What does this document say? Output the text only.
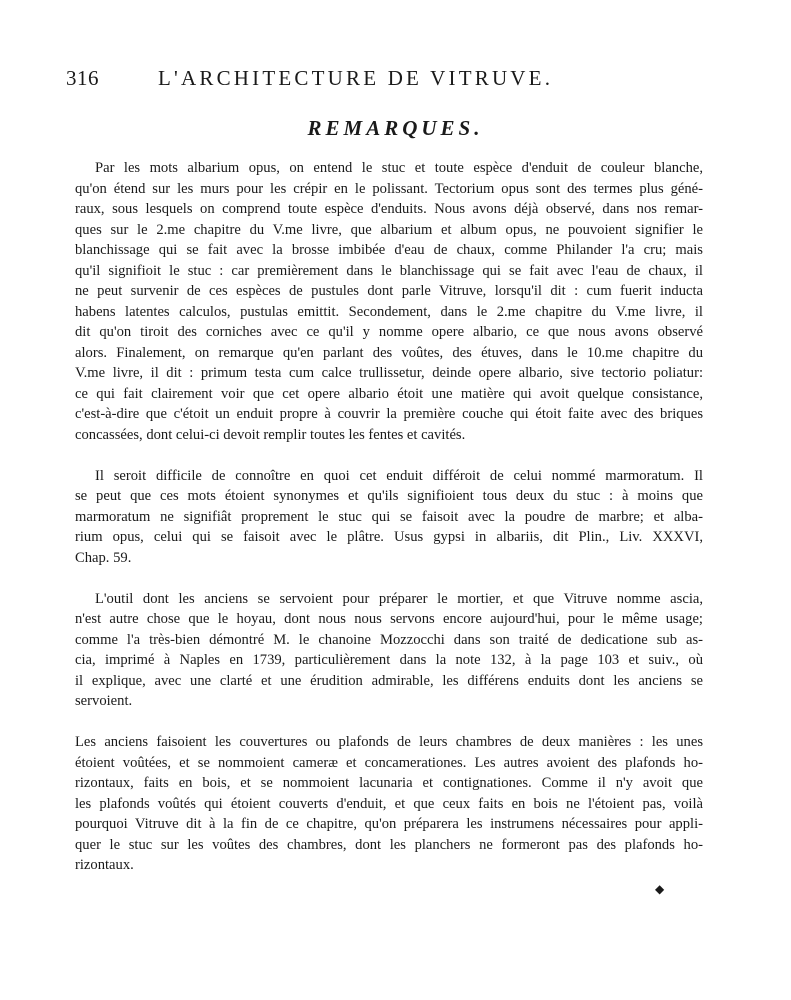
316	L'ARCHITECTURE DE VITRUVE.
REMARQUES.

Par les mots albarium opus, on entend le stuc et toute espèce d'enduit de couleur blanche,
qu'on étend sur les murs pour les crépir en le polissant. Tectorium opus sont des termes plus géné-
raux, sous lesquels on comprend toute espèce d'enduits. Nous avons déjà observé, dans nos remar-
ques sur le 2.me chapitre du V.me livre, que albarium et album opus, ne pouvoient signifier le
blanchissage qui se fait avec la brosse imbibée d'eau de chaux, comme Philander l'a cru; mais
qu'il signifioit le stuc : car premièrement dans le blanchissage qui se fait avec l'eau de chaux, il
ne peut survenir de ces espèces de pustules dont parle Vitruve, lorsqu'il dit : cum fuerit inducta
habens latentes calculos, pustulas emittit. Secondement, dans le 2.me chapitre du V.me livre, il
dit qu'on tiroit des corniches avec ce qu'il y nomme opere albario, ce que nous avons observé
alors. Finalement, on remarque qu'en parlant des voûtes, des étuves, dans le 10.me chapitre du
V.me livre, il dit : primum testa cum calce trullissetur, deinde opere albario, sive tectorio poliatur:
ce qui fait clairement voir que cet opere albario étoit une matière qui avoit quelque consistance,
c'est-à-dire que c'étoit un enduit propre à couvrir la première couche qui étoit faite avec des briques
concassées, dont celui-ci devoit remplir toutes les fentes et cavités.

Il seroit difficile de connoître en quoi cet enduit différoit de celui nommé marmoratum. Il
se peut que ces mots étoient synonymes et qu'ils signifioient tous deux du stuc : à moins que
marmoratum ne signifiât proprement le stuc qui se faisoit avec la poudre de marbre; et alba-
rium opus, celui qui se faisoit avec le plâtre. Usus gypsi in albariis, dit Plin., Liv. XXXVI,
Chap. 59.

L'outil dont les anciens se servoient pour préparer le mortier, et que Vitruve nomme ascia,
n'est autre chose que le hoyau, dont nous nous servons encore aujourd'hui, pour le même usage;
comme l'a très-bien démontré M. le chanoine Mozzocchi dans son traité de dedicatione sub as-
cia, imprimé à Naples en 1739, particulièrement dans la note 132, à la page 103 et suiv., où
il explique, avec une clarté et une érudition admirable, les différens enduits dont les anciens se
servoient.

Les anciens faisoient les couvertures ou plafonds de leurs chambres de deux manières : les unes
étoient voûtées, et se nommoient cameræ et concamerationes. Les autres avoient des plafonds ho-
rizontaux, faits en bois, et se nommoient lacunaria et contignationes. Comme il n'y avoit que
les plafonds voûtés qui étoient couverts d'enduit, et que ceux faits en bois ne l'étoient pas, voilà
pourquoi Vitruve dit à la fin de ce chapitre, qu'on préparera les instrumens nécessaires pour appli-
quer le stuc sur les voûtes des chambres, dont les planchers ne formeront pas des plafonds ho-
rizontaux.

◆
